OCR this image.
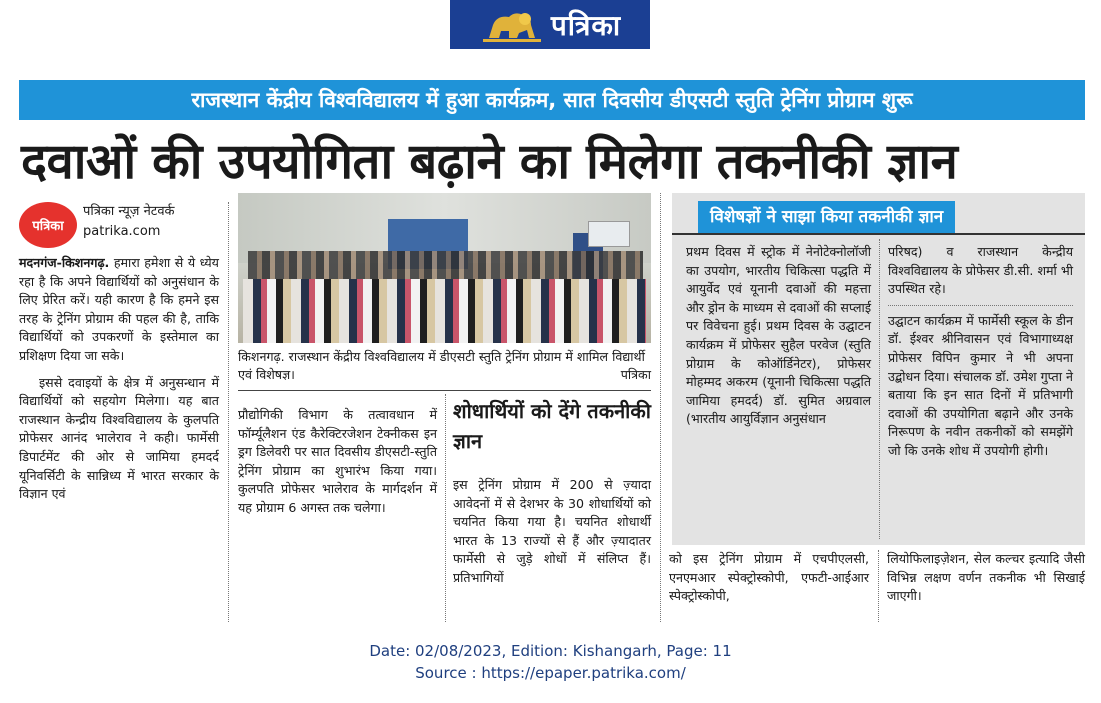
पत्रिका
राजस्थान केंद्रीय विश्वविद्यालय में हुआ कार्यक्रम, सात दिवसीय डीएसटी स्तुति ट्रेनिंग प्रोग्राम शुरू
दवाओं की उपयोगिता बढ़ाने का मिलेगा तकनीकी ज्ञान
पत्रिका
पत्रिका न्यूज़ नेटवर्क
patrika.com

मदनगंज-किशनगढ़. हमारा हमेशा से ये ध्येय रहा है कि अपने विद्यार्थियों को अनुसंधान के लिए प्रेरित करें। यही कारण है कि हमने इस तरह के ट्रेनिंग प्रोग्राम की पहल की है, ताकि विद्यार्थियों को उपकरणों के इस्तेमाल का प्रशिक्षण दिया जा सके।

इससे दवाइयों के क्षेत्र में अनुसन्धान में विद्यार्थियों को सहयोग मिलेगा। यह बात राजस्थान केन्द्रीय विश्वविद्यालय के कुलपति प्रोफेसर आनंद भालेराव ने कही। फार्मेसी डिपार्टमेंट की ओर से जामिया हमदर्द यूनिवर्सिटी के सान्निध्य में भारत सरकार के विज्ञान एवं

किशनगढ़. राजस्थान केंद्रीय विश्वविद्यालय में डीएसटी स्तुति ट्रेनिंग प्रोग्राम में शामिल विद्यार्थी एवं विशेषज्ञ।	पत्रिका
प्रौद्योगिकी विभाग के तत्वावधान में फॉर्म्यूलैशन एंड कैरेक्टिरजेशन टेक्नीकस इन ड्रग डिलेवरी पर सात दिवसीय डीएसटी-स्तुति ट्रेनिंग प्रोग्राम का शुभारंभ किया गया। कुलपति प्रोफेसर भालेराव के मार्गदर्शन में यह प्रोग्राम 6 अगस्त तक चलेगा।
शोधार्थियों को देंगे तकनीकी ज्ञान
इस ट्रेनिंग प्रोग्राम में 200 से ज़्यादा आवेदनों में से देशभर के 30 शोधार्थियों को चयनित किया गया है। चयनित शोधार्थी भारत के 13 राज्यों से हैं और ज़्यादातर फार्मेसी से जुड़े शोधों में संलिप्त हैं। प्रतिभागियों
विशेषज्ञों ने साझा किया तकनीकी ज्ञान
प्रथम दिवस में स्ट्रोक में नेनोटेक्नोलॉजी का उपयोग, भारतीय चिकित्सा पद्धति में आयुर्वेद एवं यूनानी दवाओं की महत्ता और ड्रोन के माध्यम से दवाओं की सप्लाई पर विवेचना हुई। प्रथम दिवस के उद्घाटन कार्यक्रम में प्रोफेसर सुहैल परवेज (स्तुति प्रोग्राम के कोऑर्डिनेटर), प्रोफेसर मोहम्मद अकरम (यूनानी चिकित्सा पद्धति जामिया हमदर्द) डॉ. सुमित अग्रवाल (भारतीय आयुर्विज्ञान अनुसंधान

परिषद) व राजस्थान केन्द्रीय विश्वविद्यालय के प्रोफेसर डी.सी. शर्मा भी उपस्थित रहे।

उद्घाटन कार्यक्रम में फार्मेसी स्कूल के डीन डॉ. ईश्वर श्रीनिवासन एवं विभागाध्यक्ष प्रोफेसर विपिन कुमार ने भी अपना उद्बोधन दिया। संचालक डॉ. उमेश गुप्ता ने बताया कि इन सात दिनों में प्रतिभागी दवाओं की उपयोगिता बढ़ाने और उनके निरूपण के नवीन तकनीकों को समझेंगे जो कि उनके शोध में उपयोगी होगी।

को इस ट्रेनिंग प्रोग्राम में एचपीएलसी, एनएमआर स्पेक्ट्रोस्कोपी, एफटी-आईआर स्पेक्ट्रोस्कोपी,
लियोफिलाइज़ेशन, सेल कल्चर इत्यादि जैसी विभिन्न लक्षण वर्णन तकनीक भी सिखाई जाएगी।
Date: 02/08/2023, Edition: Kishangarh, Page: 11
Source : https://epaper.patrika.com/
